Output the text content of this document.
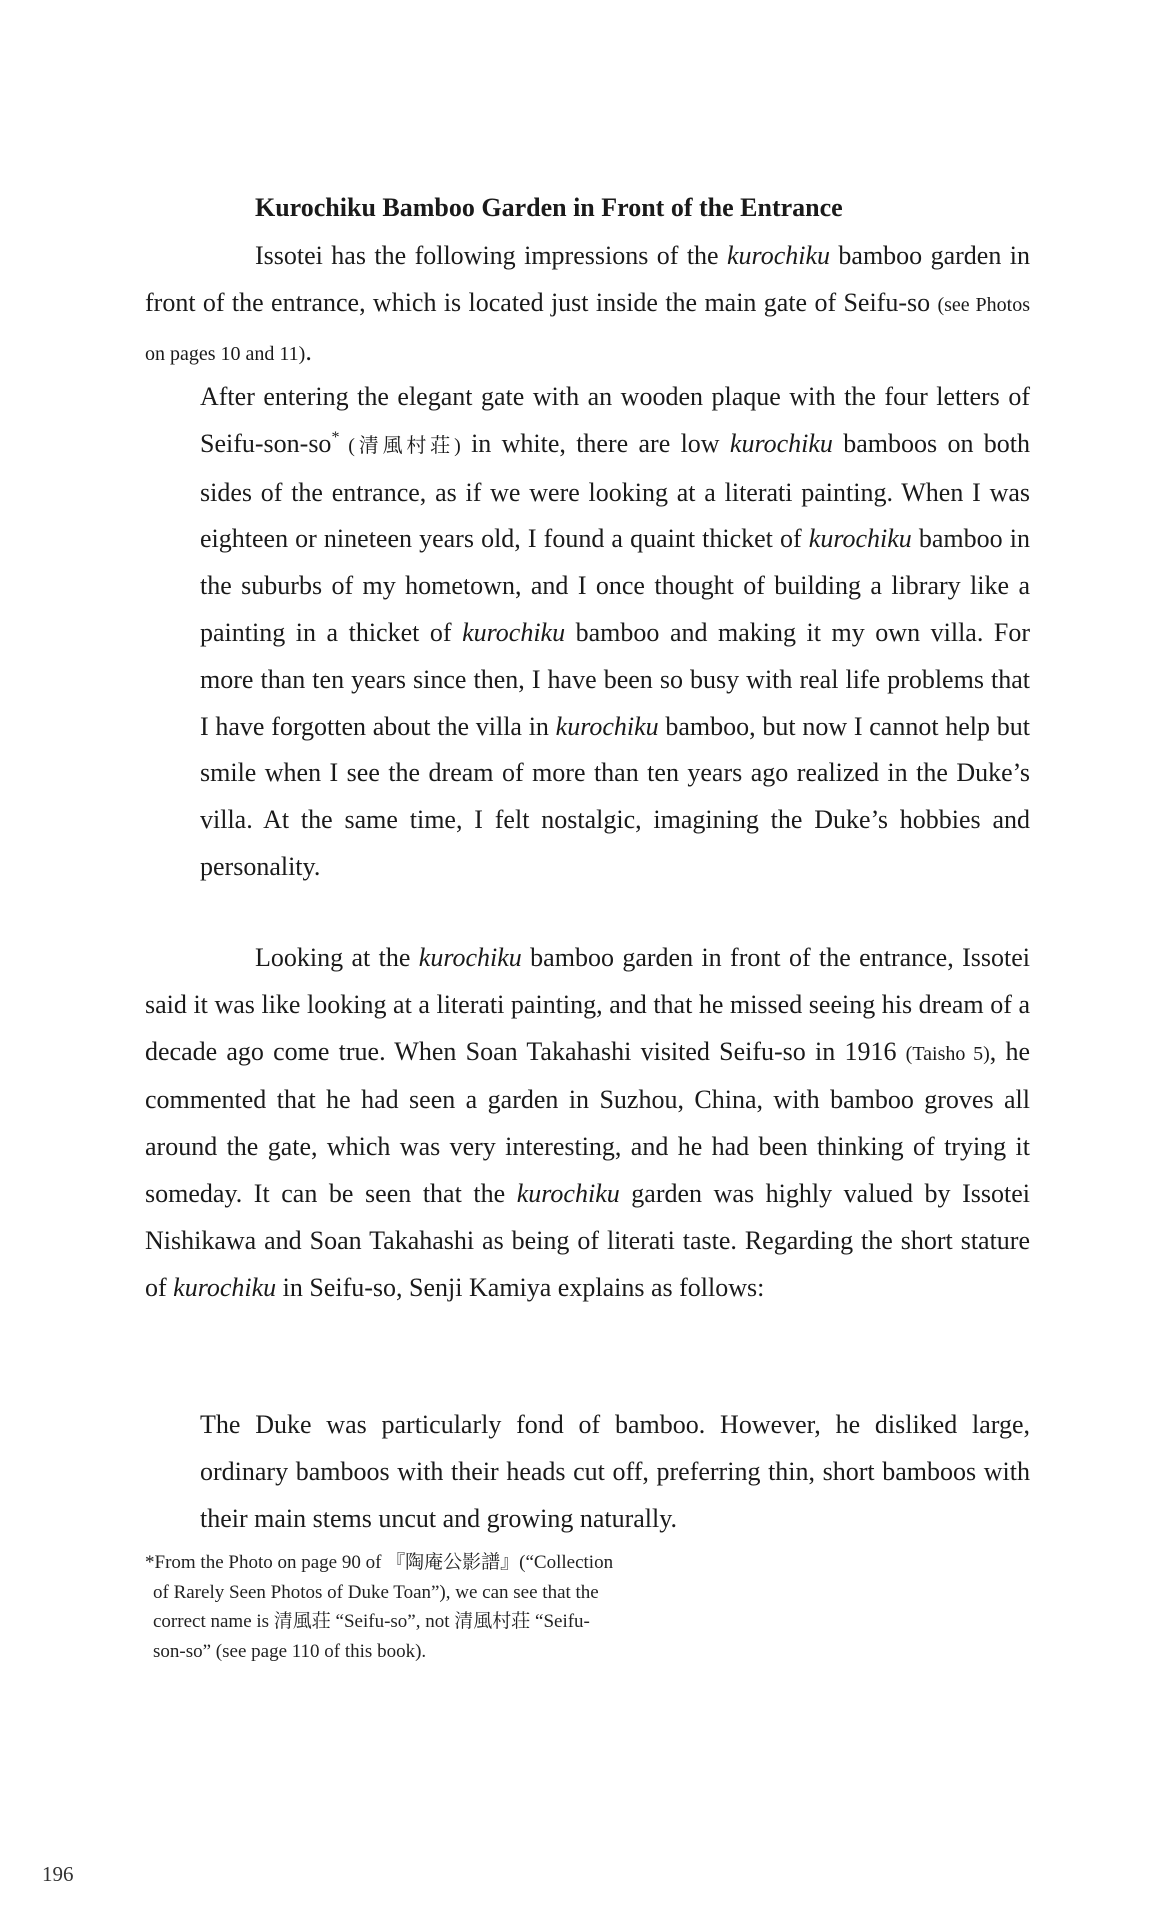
Kurochiku Bamboo Garden in Front of the Entrance

Issotei has the following impressions of the kurochiku bamboo garden in front of the entrance, which is located just inside the main gate of Seifu-so (see Photos on pages 10 and 11).

After entering the elegant gate with an wooden plaque with the four letters of Seifu-son-so* (清風村荘) in white, there are low kurochiku bamboos on both sides of the entrance, as if we were looking at a literati painting. When I was eighteen or nineteen years old, I found a quaint thicket of kurochiku bamboo in the suburbs of my hometown, and I once thought of building a library like a painting in a thicket of kurochiku bamboo and making it my own villa. For more than ten years since then, I have been so busy with real life problems that I have forgotten about the villa in kurochiku bamboo, but now I cannot help but smile when I see the dream of more than ten years ago realized in the Duke’s villa. At the same time, I felt nostalgic, imagining the Duke’s hobbies and personality.

Looking at the kurochiku bamboo garden in front of the entrance, Issotei said it was like looking at a literati painting, and that he missed seeing his dream of a decade ago come true. When Soan Takahashi visited Seifu-so in 1916 (Taisho 5), he commented that he had seen a garden in Suzhou, China, with bamboo groves all around the gate, which was very interesting, and he had been thinking of trying it someday. It can be seen that the kurochiku garden was highly valued by Issotei Nishikawa and Soan Takahashi as being of literati taste. Regarding the short stature of kurochiku in Seifu-so, Senji Kamiya explains as follows:

The Duke was particularly fond of bamboo. However, he disliked large, ordinary bamboos with their heads cut off, preferring thin, short bamboos with their main stems uncut and growing naturally.

*From the Photo on page 90 of 『陶庵公影譜』(“Collection
of Rarely Seen Photos of Duke Toan”), we can see that the
correct name is 清風荘 “Seifu-so”, not 清風村荘 “Seifu-
son-so” (see page 110 of this book).
196
